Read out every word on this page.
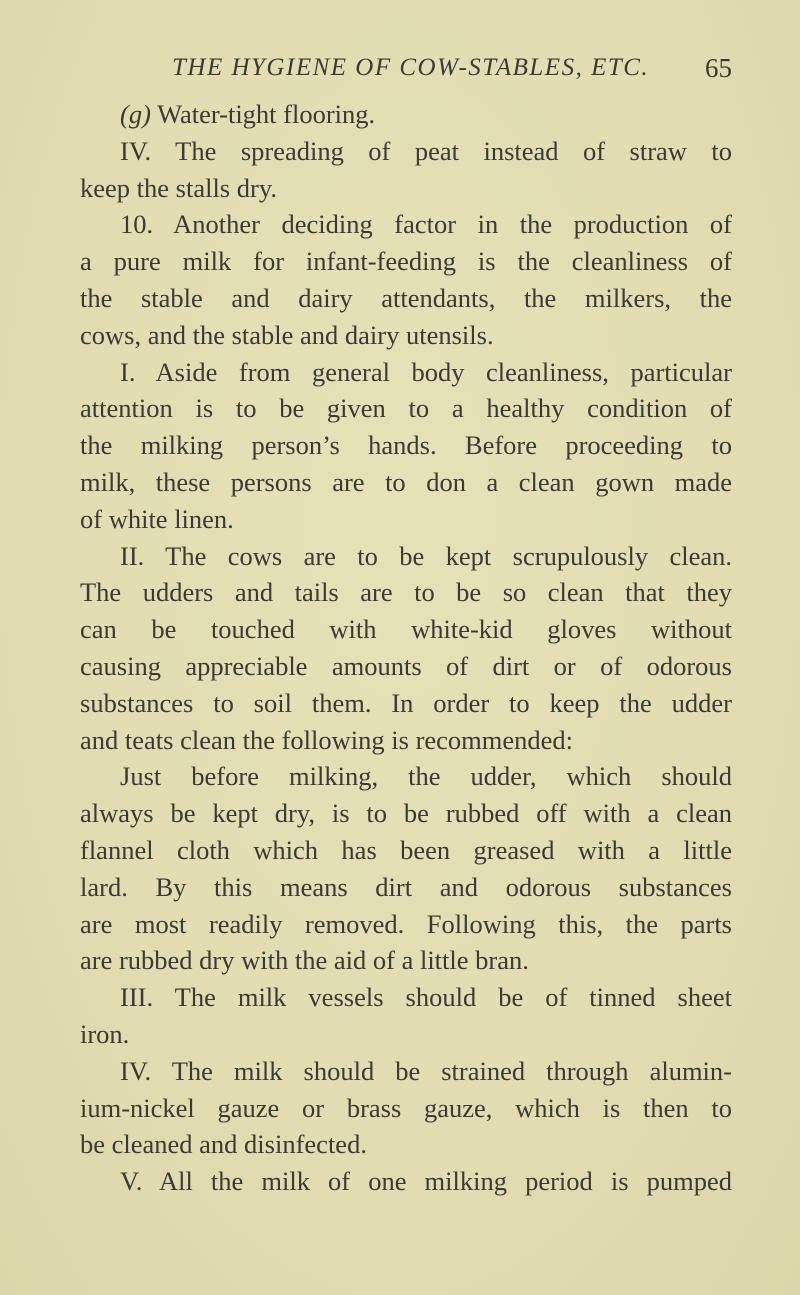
THE HYGIENE OF COW-STABLES, ETC. 65
(g) Water-tight flooring.
IV. The spreading of peat instead of straw to
keep the stalls dry.
10. Another deciding factor in the production of
a pure milk for infant-feeding is the cleanliness of
the stable and dairy attendants, the milkers, the
cows, and the stable and dairy utensils.
I. Aside from general body cleanliness, particular
attention is to be given to a healthy condition of
the milking person’s hands. Before proceeding to
milk, these persons are to don a clean gown made
of white linen.
II. The cows are to be kept scrupulously clean.
The udders and tails are to be so clean that they
can be touched with white-kid gloves without
causing appreciable amounts of dirt or of odorous
substances to soil them. In order to keep the udder
and teats clean the following is recommended:
Just before milking, the udder, which should
always be kept dry, is to be rubbed off with a clean
flannel cloth which has been greased with a little
lard. By this means dirt and odorous substances
are most readily removed. Following this, the parts
are rubbed dry with the aid of a little bran.
III. The milk vessels should be of tinned sheet
iron.
IV. The milk should be strained through alumin-
ium-nickel gauze or brass gauze, which is then to
be cleaned and disinfected.
V. All the milk of one milking period is pumped
